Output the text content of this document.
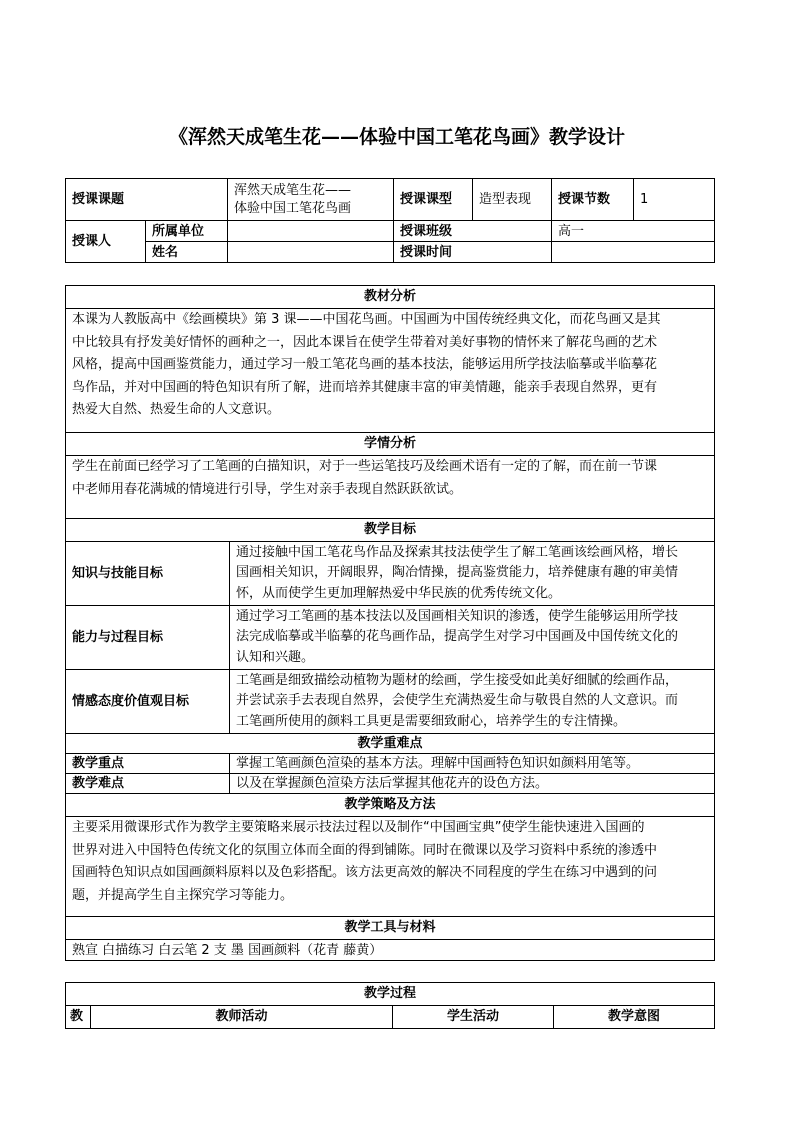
《浑然天成笔生花——体验中国工笔花鸟画》教学设计
授课课题		浑然天成笔生花——
体验中国工笔花鸟画	授课课型	造型表现	授课节数	1
授课人	所属单位		授课班级		高一	
	姓名		授课时间			
教材分析	

本课为人教版高中《绘画模块》第 3 课——中国花鸟画。中国画为中国传统经典文化，而花鸟画又是其
中比较具有抒发美好情怀的画种之一，因此本课旨在使学生带着对美好事物的情怀来了解花鸟画的艺术
风格，提高中国画鉴赏能力，通过学习一般工笔花鸟画的基本技法，能够运用所学技法临摹或半临摹花
鸟作品，并对中国画的特色知识有所了解，进而培养其健康丰富的审美情趣，能亲手表现自然界，更有
热爱大自然、热爱生命的人文意识。	

学情分析	

学生在前面已经学习了工笔画的白描知识，对于一些运笔技巧及绘画术语有一定的了解，而在前一节课
中老师用春花满城的情境进行引导，学生对亲手表现自然跃跃欲试。	

教学目标	
知识与技能目标	通过接触中国工笔花鸟作品及探索其技法使学生了解工笔画该绘画风格，增长
国画相关知识，开阔眼界，陶冶情操，提高鉴赏能力，培养健康有趣的审美情
怀，从而使学生更加理解热爱中华民族的优秀传统文化。

能力与过程目标	通过学习工笔画的基本技法以及国画相关知识的渗透，使学生能够运用所学技
法完成临摹或半临摹的花鸟画作品，提高学生对学习中国画及中国传统文化的
认知和兴趣。

情感态度价值观目标	工笔画是细致描绘动植物为题材的绘画，学生接受如此美好细腻的绘画作品，
并尝试亲手去表现自然界，会使学生充满热爱生命与敬畏自然的人文意识。而
工笔画所使用的颜料工具更是需要细致耐心，培养学生的专注情操。

教学重难点	
教学重点	掌握工笔画颜色渲染的基本方法。理解中国画特色知识如颜料用笔等。
教学难点	以及在掌握颜色渲染方法后掌握其他花卉的设色方法。
教学策略及方法	

主要采用微课形式作为教学主要策略来展示技法过程以及制作“中国画宝典”使学生能快速进入国画的
世界对进入中国特色传统文化的氛围立体而全面的得到铺陈。同时在微课以及学习资料中系统的渗透中
国画特色知识点如国画颜料原料以及色彩搭配。该方法更高效的解决不同程度的学生在练习中遇到的问
题，并提高学生自主探究学习等能力。	

教学工具与材料	
熟宣 白描练习 白云笔 2 支 墨 国画颜料（花青 藤黄）	
教学过程
教	教师活动	学生活动	教学意图
